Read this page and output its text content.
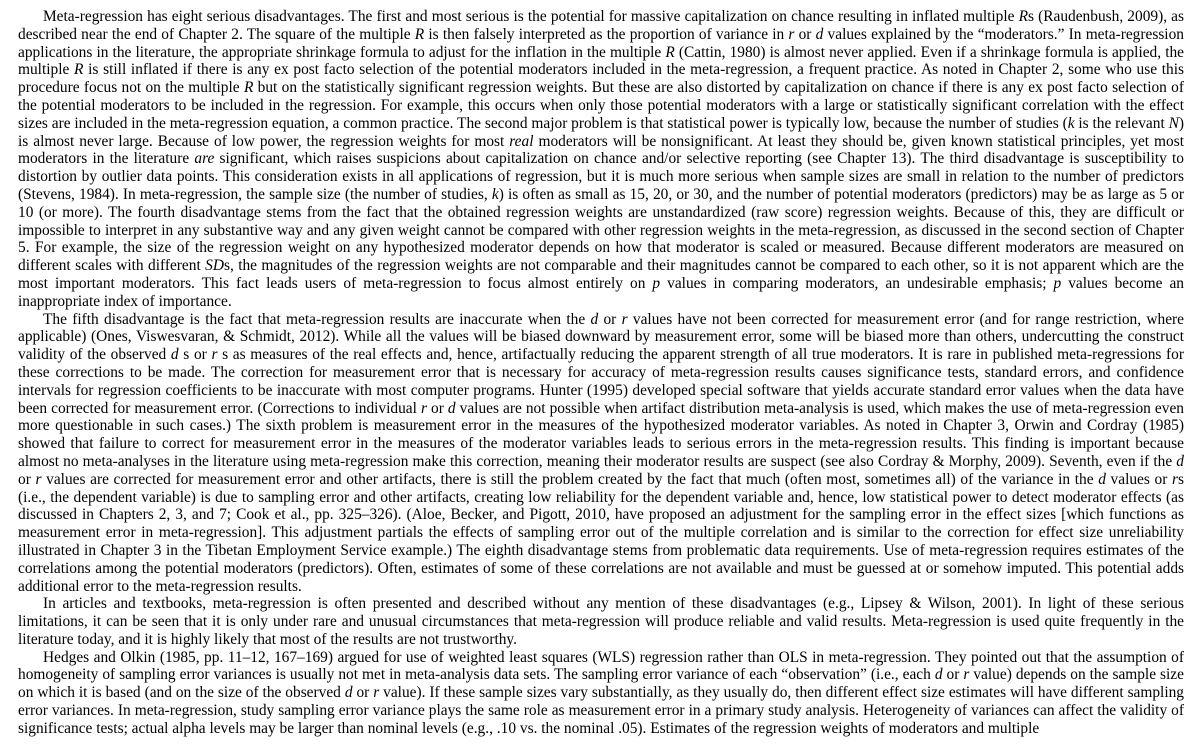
Meta-regression has eight serious disadvantages. The first and most serious is the potential for massive capitalization on chance resulting in inflated multiple Rs (Raudenbush, 2009), as described near the end of Chapter 2. The square of the multiple R is then falsely interpreted as the proportion of variance in r or d values explained by the “moderators.” In meta-regression applications in the literature, the appropriate shrinkage formula to adjust for the inflation in the multiple R (Cattin, 1980) is almost never applied. Even if a shrinkage formula is applied, the multiple R is still inflated if there is any ex post facto selection of the potential moderators included in the meta-regression, a frequent practice. As noted in Chapter 2, some who use this procedure focus not on the multiple R but on the statistically significant regression weights. But these are also distorted by capitalization on chance if there is any ex post facto selection of the potential moderators to be included in the regression. For example, this occurs when only those potential moderators with a large or statistically significant correlation with the effect sizes are included in the meta-regression equation, a common practice. The second major problem is that statistical power is typically low, because the number of studies (k is the relevant N) is almost never large. Because of low power, the regression weights for most real moderators will be nonsignificant. At least they should be, given known statistical principles, yet most moderators in the literature are significant, which raises suspicions about capitalization on chance and/or selective reporting (see Chapter 13). The third disadvantage is susceptibility to distortion by outlier data points. This consideration exists in all applications of regression, but it is much more serious when sample sizes are small in relation to the number of predictors (Stevens, 1984). In meta-regression, the sample size (the number of studies, k) is often as small as 15, 20, or 30, and the number of potential moderators (predictors) may be as large as 5 or 10 (or more). The fourth disadvantage stems from the fact that the obtained regression weights are unstandardized (raw score) regression weights. Because of this, they are difficult or impossible to interpret in any substantive way and any given weight cannot be compared with other regression weights in the meta-regression, as discussed in the second section of Chapter 5. For example, the size of the regression weight on any hypothesized moderator depends on how that moderator is scaled or measured. Because different moderators are measured on different scales with different SDs, the magnitudes of the regression weights are not comparable and their magnitudes cannot be compared to each other, so it is not apparent which are the most important moderators. This fact leads users of meta-regression to focus almost entirely on p values in comparing moderators, an undesirable emphasis; p values become an inappropriate index of importance.

The fifth disadvantage is the fact that meta-regression results are inaccurate when the d or r values have not been corrected for measurement error (and for range restriction, where applicable) (Ones, Viswesvaran, & Schmidt, 2012). While all the values will be biased downward by measurement error, some will be biased more than others, undercutting the construct validity of the observed d s or r s as measures of the real effects and, hence, artifactually reducing the apparent strength of all true moderators. It is rare in published meta-regressions for these corrections to be made. The correction for measurement error that is necessary for accuracy of meta-regression results causes significance tests, standard errors, and confidence intervals for regression coefficients to be inaccurate with most computer programs. Hunter (1995) developed special software that yields accurate standard error values when the data have been corrected for measurement error. (Corrections to individual r or d values are not possible when artifact distribution meta-analysis is used, which makes the use of meta-regression even more questionable in such cases.) The sixth problem is measurement error in the measures of the hypothesized moderator variables. As noted in Chapter 3, Orwin and Cordray (1985) showed that failure to correct for measurement error in the measures of the moderator variables leads to serious errors in the meta-regression results. This finding is important because almost no meta-analyses in the literature using meta-regression make this correction, meaning their moderator results are suspect (see also Cordray & Morphy, 2009). Seventh, even if the d or r values are corrected for measurement error and other artifacts, there is still the problem created by the fact that much (often most, sometimes all) of the variance in the d values or rs (i.e., the dependent variable) is due to sampling error and other artifacts, creating low reliability for the dependent variable and, hence, low statistical power to detect moderator effects (as discussed in Chapters 2, 3, and 7; Cook et al., pp. 325–326). (Aloe, Becker, and Pigott, 2010, have proposed an adjustment for the sampling error in the effect sizes [which functions as measurement error in meta-regression]. This adjustment partials the effects of sampling error out of the multiple correlation and is similar to the correction for effect size unreliability illustrated in Chapter 3 in the Tibetan Employment Service example.) The eighth disadvantage stems from problematic data requirements. Use of meta-regression requires estimates of the correlations among the potential moderators (predictors). Often, estimates of some of these correlations are not available and must be guessed at or somehow imputed. This potential adds additional error to the meta-regression results.

In articles and textbooks, meta-regression is often presented and described without any mention of these disadvantages (e.g., Lipsey & Wilson, 2001). In light of these serious limitations, it can be seen that it is only under rare and unusual circumstances that meta-regression will produce reliable and valid results. Meta-regression is used quite frequently in the literature today, and it is highly likely that most of the results are not trustworthy.

Hedges and Olkin (1985, pp. 11–12, 167–169) argued for use of weighted least squares (WLS) regression rather than OLS in meta-regression. They pointed out that the assumption of homogeneity of sampling error variances is usually not met in meta-analysis data sets. The sampling error variance of each “observation” (i.e., each d or r value) depends on the sample size on which it is based (and on the size of the observed d or r value). If these sample sizes vary substantially, as they usually do, then different effect size estimates will have different sampling error variances. In meta-regression, study sampling error variance plays the same role as measurement error in a primary study analysis. Heterogeneity of variances can affect the validity of significance tests; actual alpha levels may be larger than nominal levels (e.g., .10 vs. the nominal .05). Estimates of the regression weights of moderators and multiple
